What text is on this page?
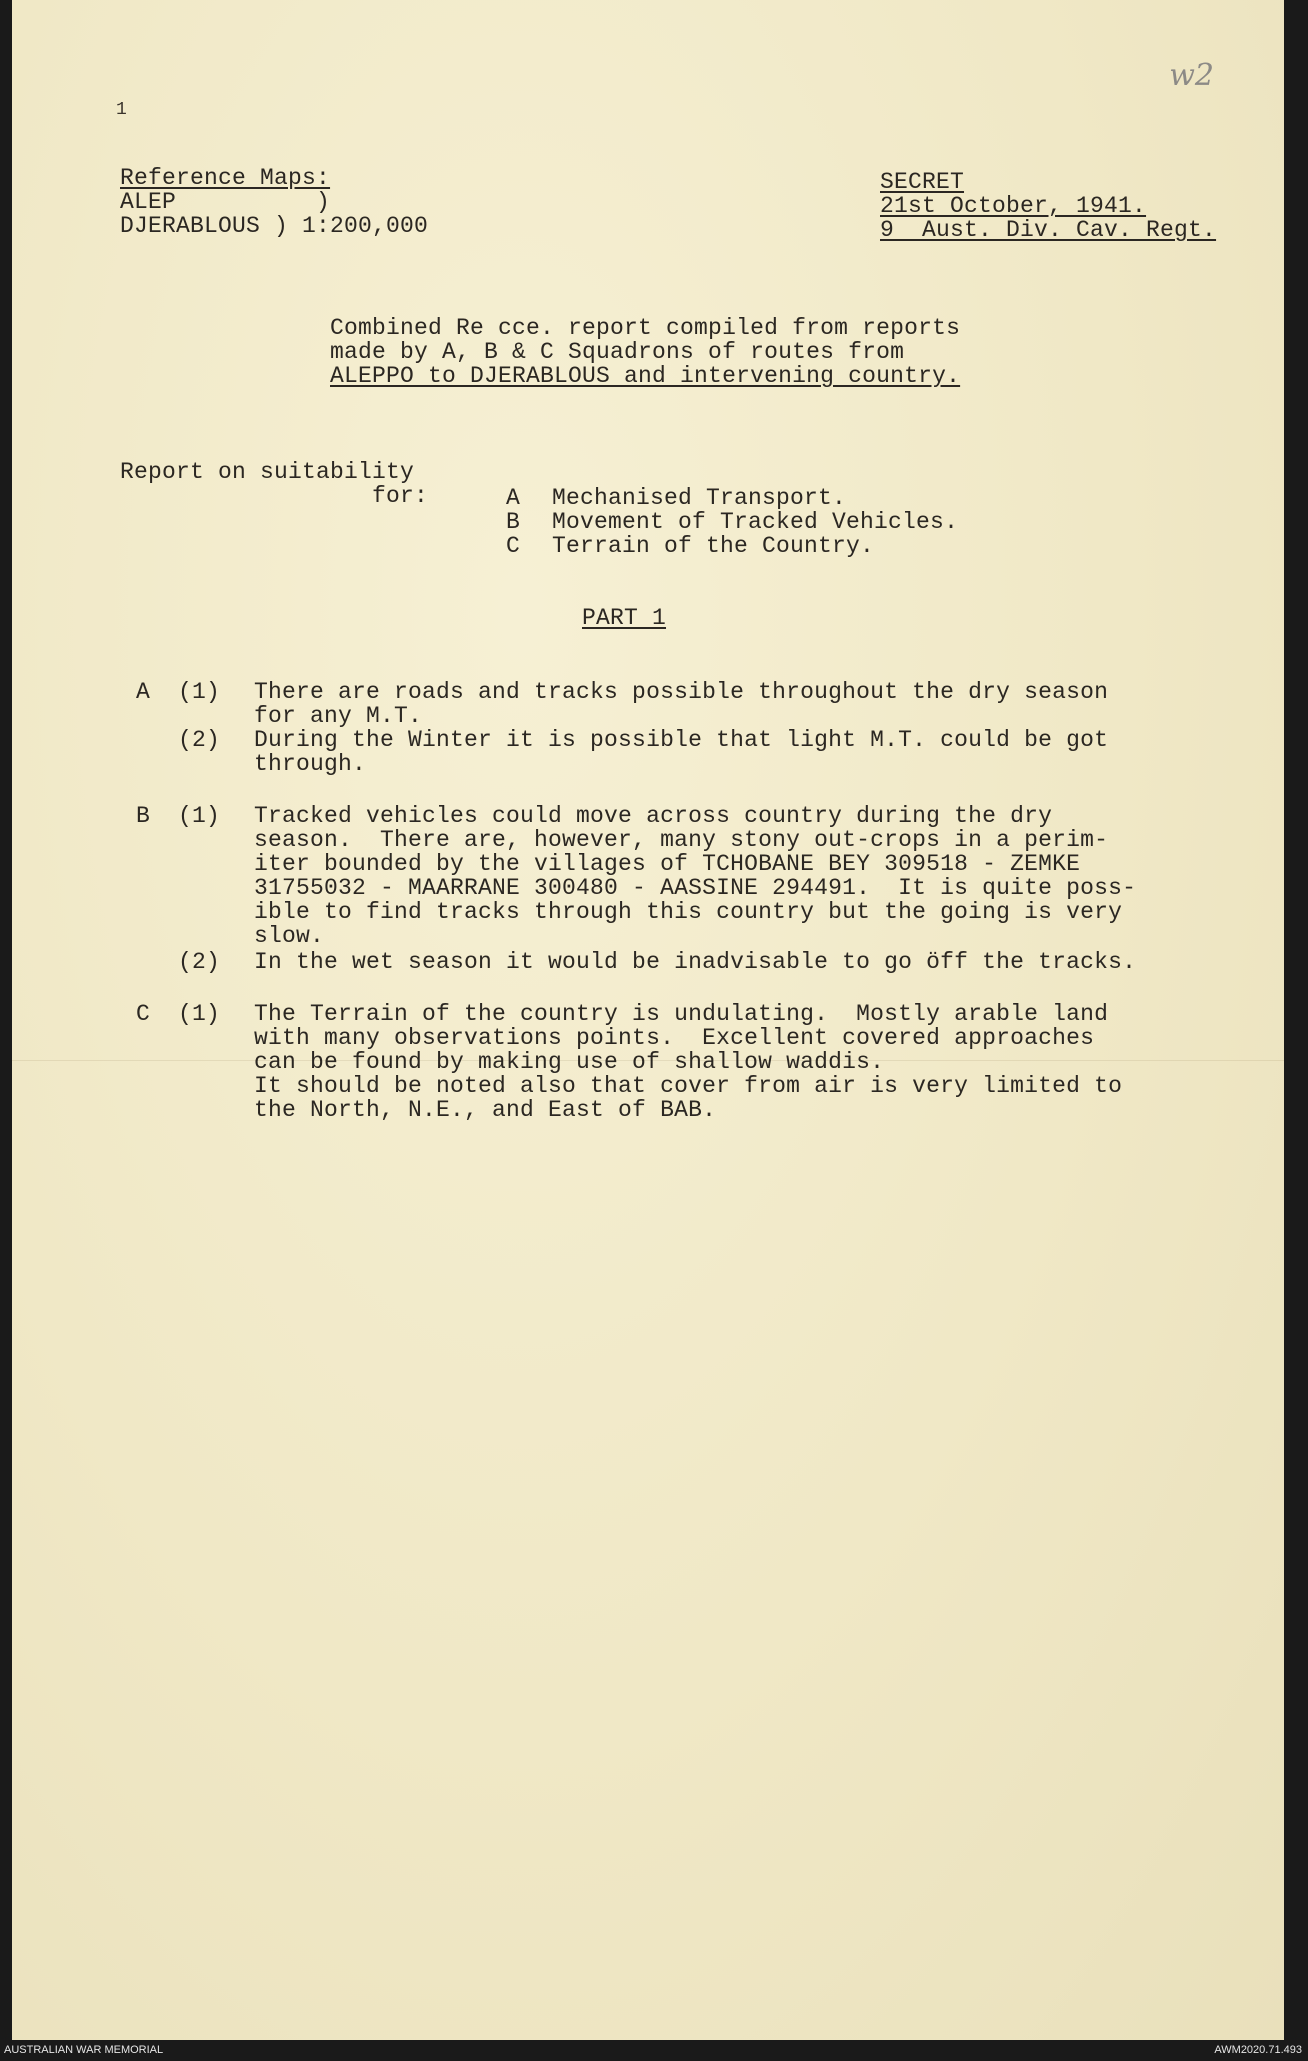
w2
1
Reference Maps:
ALEP          )
DJERABLOUS ) 1:200,000
SECRET
21st October, 1941.
9  Aust. Div. Cav. Regt.
Combined Re cce. report compiled from reports
made by A, B & C Squadrons of routes from
ALEPPO to DJERABLOUS and intervening country.
Report on suitability
for:	A Mechanised Transport.
B Movement of Tracked Vehicles.
C Terrain of the Country.
PART 1
A (1) There are roads and tracks possible throughout the dry season
for any M.T.
(2) During the Winter it is possible that light M.T. could be got
through.
B (1) Tracked vehicles could move across country during the dry
season.  There are, however, many stony out-crops in a perim-
iter bounded by the villages of TCHOBANE BEY 309518 - ZEMKE
31755032 - MAARRANE 300480 - AASSINE 294491.  It is quite poss-
ible to find tracks through this country but the going is very
slow.
(2) In the wet season it would be inadvisable to go öff the tracks.
C (1) The Terrain of the country is undulating.  Mostly arable land
with many observations points.  Excellent covered approaches
can be found by making use of shallow waddis.
It should be noted also that cover from air is very limited to
the North, N.E., and East of BAB.
AUSTRALIAN WAR MEMORIAL	AWM2020.71.493
